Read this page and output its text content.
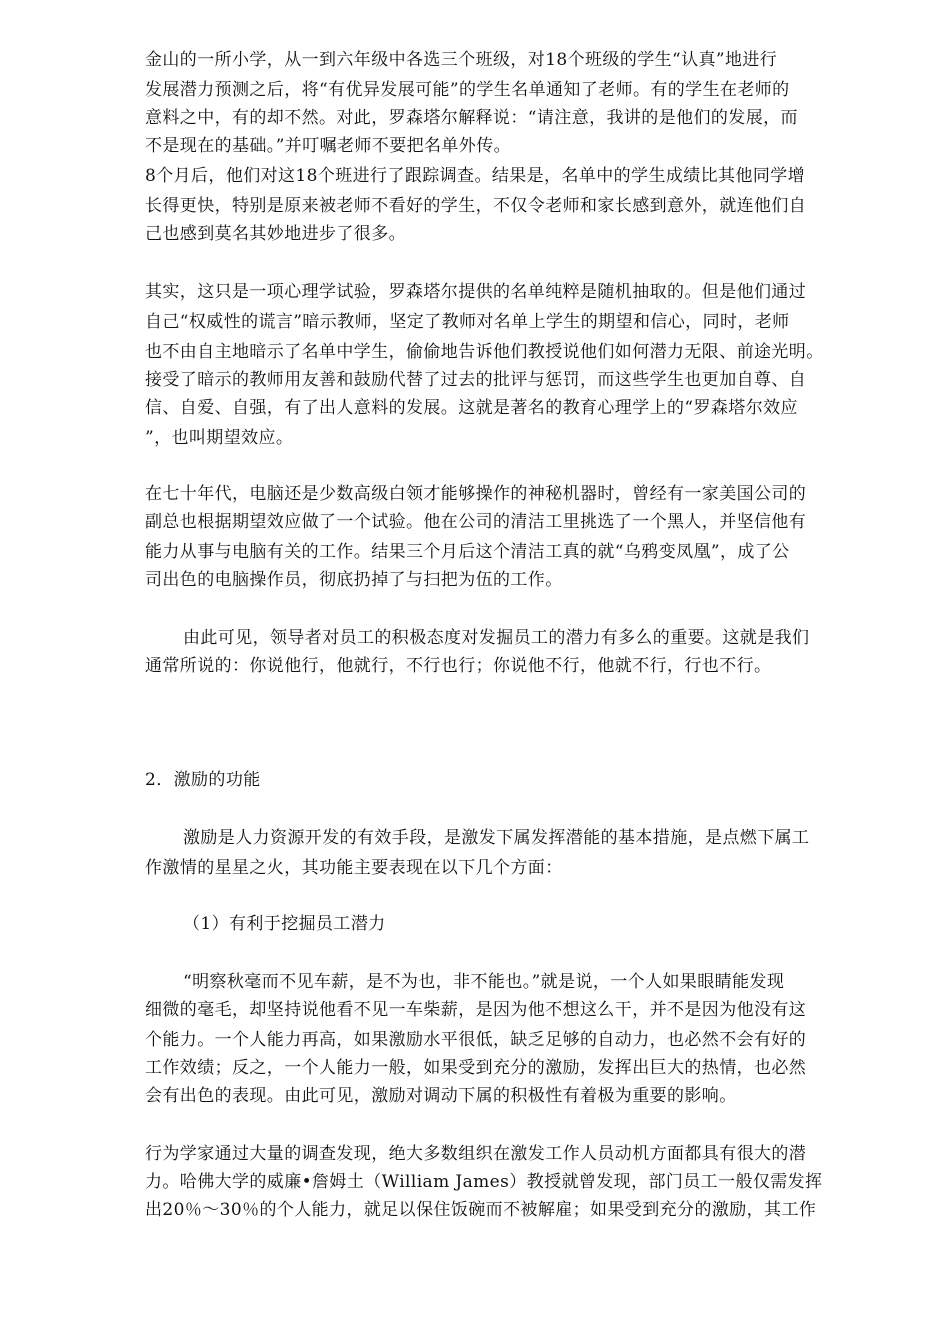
金山的一所小学，从一到六年级中各选三个班级，对18个班级的学生“认真”地进行
发展潜力预测之后，将“有优异发展可能”的学生名单通知了老师。有的学生在老师的
意料之中，有的却不然。对此，罗森塔尔解释说：“请注意，我讲的是他们的发展，而
不是现在的基础。”并叮嘱老师不要把名单外传。
8个月后，他们对这18个班进行了跟踪调查。结果是，名单中的学生成绩比其他同学增
长得更快，特别是原来被老师不看好的学生，不仅令老师和家长感到意外，就连他们自
己也感到莫名其妙地进步了很多。
其实，这只是一项心理学试验，罗森塔尔提供的名单纯粹是随机抽取的。但是他们通过
自己“权威性的谎言”暗示教师，坚定了教师对名单上学生的期望和信心，同时，老师
也不由自主地暗示了名单中学生，偷偷地告诉他们教授说他们如何潜力无限、前途光明。
接受了暗示的教师用友善和鼓励代替了过去的批评与惩罚，而这些学生也更加自尊、自
信、自爱、自强，有了出人意料的发展。这就是著名的教育心理学上的“罗森塔尔效应
”，也叫期望效应。
在七十年代，电脑还是少数高级白领才能够操作的神秘机器时，曾经有一家美国公司的
副总也根据期望效应做了一个试验。他在公司的清洁工里挑选了一个黑人，并坚信他有
能力从事与电脑有关的工作。结果三个月后这个清洁工真的就“乌鸦变凤凰”，成了公
司出色的电脑操作员，彻底扔掉了与扫把为伍的工作。
由此可见，领导者对员工的积极态度对发掘员工的潜力有多么的重要。这就是我们
通常所说的：你说他行，他就行，不行也行；你说他不行，他就不行，行也不行。
2．激励的功能
激励是人力资源开发的有效手段，是激发下属发挥潜能的基本措施，是点燃下属工
作激情的星星之火，其功能主要表现在以下几个方面：
（1）有利于挖掘员工潜力
“明察秋毫而不见车薪，是不为也，非不能也。”就是说，一个人如果眼睛能发现
细微的毫毛，却坚持说他看不见一车柴薪，是因为他不想这么干，并不是因为他没有这
个能力。一个人能力再高，如果激励水平很低，缺乏足够的自动力，也必然不会有好的
工作效绩；反之，一个人能力一般，如果受到充分的激励，发挥出巨大的热情，也必然
会有出色的表现。由此可见，激励对调动下属的积极性有着极为重要的影响。
行为学家通过大量的调查发现，绝大多数组织在激发工作人员动机方面都具有很大的潜
力。哈佛大学的威廉•詹姆土（William James）教授就曾发现，部门员工一般仅需发挥
出20％～30％的个人能力，就足以保住饭碗而不被解雇；如果受到充分的激励，其工作
